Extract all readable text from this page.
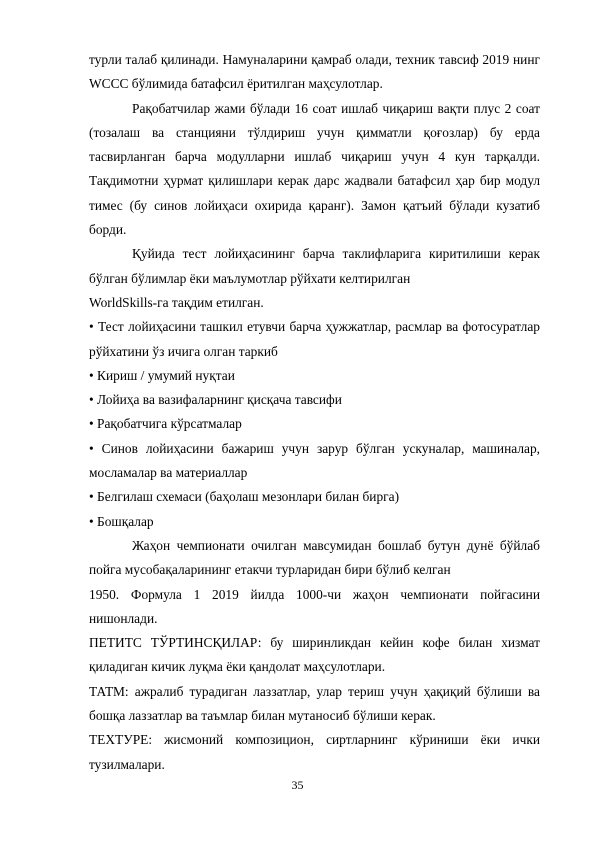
турли талаб қилинади. Намуналарини қамраб олади, техник тавсиф 2019 нинг WCCC бўлимида батафсил ёритилган маҳсулотлар.

Рақобатчилар жами бўлади 16 соат ишлаб чиқариш вақти плус 2 соат (тозалаш ва станцияни тўлдириш учун қимматли қоғозлар) бу ерда тасвирланган барча модулларни ишлаб чиқариш учун 4 кун тарқалди. Тақдимотни ҳурмат қилишлари керак дарс жадвали батафсил ҳар бир модул тимес (бу синов лойиҳаси охирида қаранг). Замон қатъий бўлади кузатиб борди.

Қуйида тест лойиҳасининг барча таклифларига киритилиши керак бўлган бўлимлар ёки маълумотлар рўйхати келтирилган

WorldSkills-га тақдим етилган.

• Тест лойиҳасини ташкил етувчи барча ҳужжатлар, расмлар ва фотосуратлар рўйхатини ўз ичига олган таркиб

• Кириш / умумий нуқтаи

• Лойиҳа ва вазифаларнинг қисқача тавсифи

• Рақобатчига кўрсатмалар

• Синов лойиҳасини бажариш учун зарур бўлган ускуналар, машиналар, мосламалар ва материаллар

• Белгилаш схемаси (баҳолаш мезонлари билан бирга)

• Бошқалар

Жаҳон чемпионати очилган мавсумидан бошлаб бутун дунё бўйлаб пойга мусобақаларининг етакчи турларидан бири бўлиб келган

1950. Формула 1 2019 йилда 1000-чи жаҳон чемпионати пойгасини нишонлади.

ПЕТИТС ТЎРТИНСҚИЛАР: бу ширинликдан кейин кофе билан хизмат қиладиган кичик луқма ёки қандолат маҳсулотлари.

ТАТМ: ажралиб турадиган лаззатлар, улар териш учун ҳақиқий бўлиши ва бошқа лаззатлар ва таъмлар билан мутаносиб бўлиши керак.

ТEХТУРЕ: жисмоний композицион, сиртларнинг кўриниши ёки ички тузилмалари.

35
